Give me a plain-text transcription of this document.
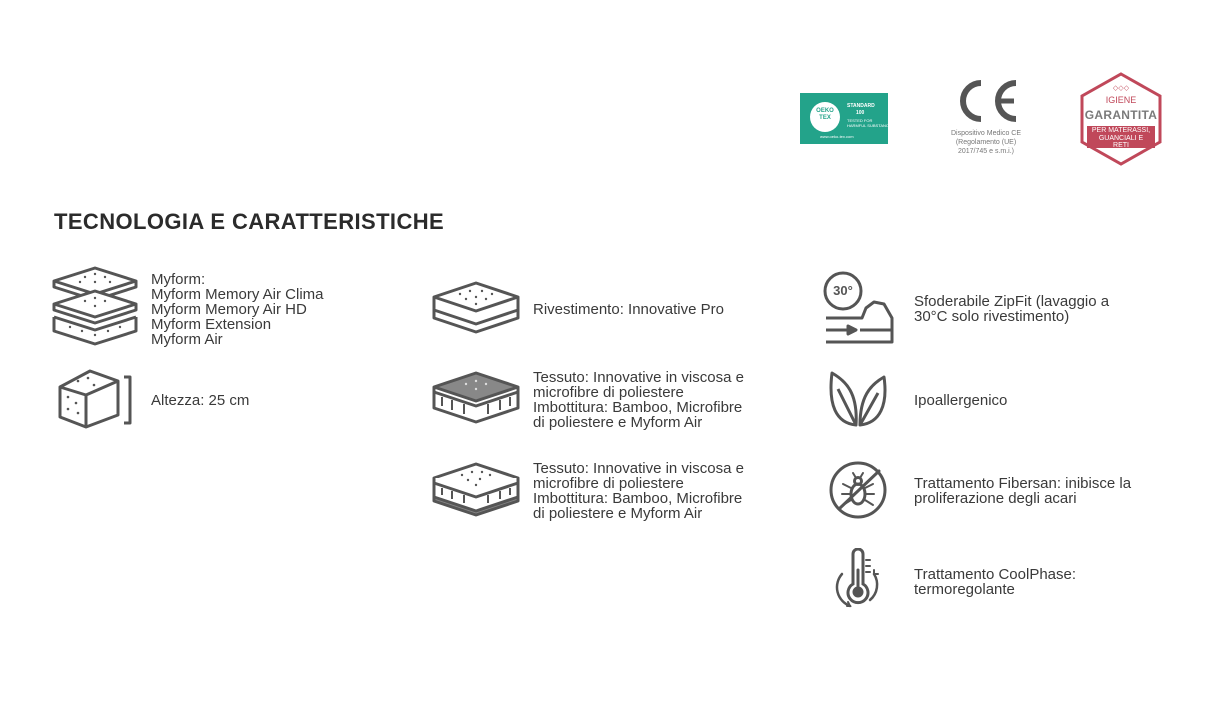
OEKO
TEX
STANDARD
100
TESTED FOR
HARMFUL SUBSTANCES
www.oeko-tex.com	Dispositivo Medico CE
(Regolamento (UE)
2017/745 e s.m.i.)
◇◇◇
IGIENE
GARANTITA
PER MATERASSI,
GUANCIALI E
RETI
TECNOLOGIA E CARATTERISTICHE
Myform:
Myform Memory Air Clima
Myform Memory Air HD
Myform Extension
Myform Air
Altezza: 25 cm
Rivestimento: Innovative Pro
Tessuto: Innovative in viscosa e
microfibre di poliestere
Imbottitura: Bamboo, Microfibre
di poliestere e Myform Air
Tessuto: Innovative in viscosa e
microfibre di poliestere
Imbottitura: Bamboo, Microfibre
di poliestere e Myform Air
30°
Sfoderabile ZipFit (lavaggio a
30°C solo rivestimento)
Ipoallergenico
Trattamento Fibersan: inibisce la
proliferazione degli acari
Trattamento CoolPhase:
termoregolante
